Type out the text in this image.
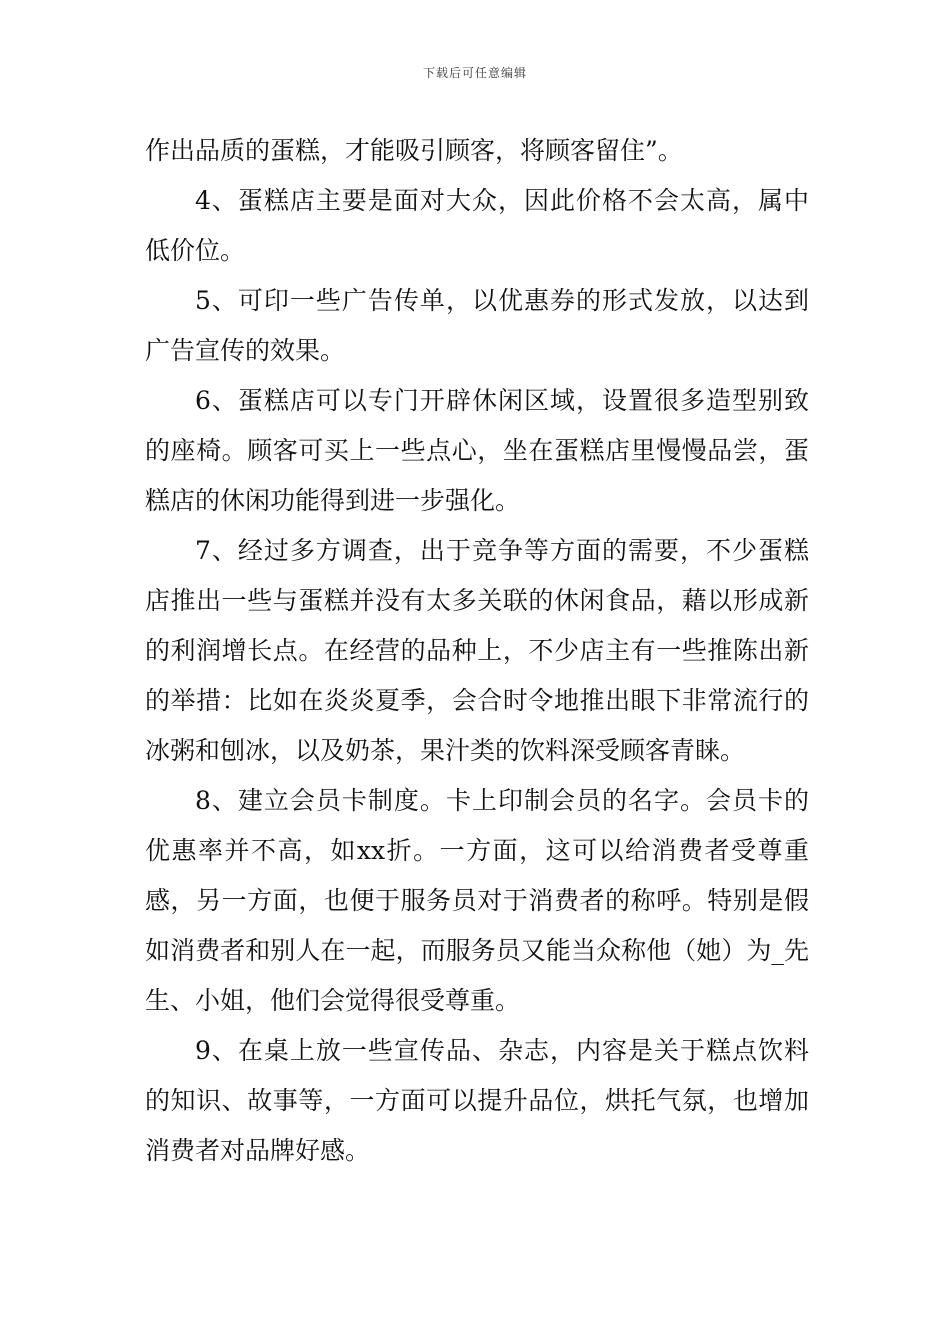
下载后可任意编辑

作出品质的蛋糕，才能吸引顾客，将顾客留住”。

4、蛋糕店主要是面对大众，因此价格不会太高，属中低价位。

5、可印一些广告传单，以优惠券的形式发放，以达到广告宣传的效果。

6、蛋糕店可以专门开辟休闲区域，设置很多造型别致的座椅。顾客可买上一些点心，坐在蛋糕店里慢慢品尝，蛋糕店的休闲功能得到进一步强化。

7、经过多方调查，出于竞争等方面的需要，不少蛋糕店推出一些与蛋糕并没有太多关联的休闲食品，藉以形成新的利润增长点。在经营的品种上，不少店主有一些推陈出新的举措：比如在炎炎夏季，会合时令地推出眼下非常流行的冰粥和刨冰，以及奶茶，果汁类的饮料深受顾客青睐。

8、建立会员卡制度。卡上印制会员的名字。会员卡的优惠率并不高，如xx折。一方面，这可以给消费者受尊重感，另一方面，也便于服务员对于消费者的称呼。特别是假如消费者和别人在一起，而服务员又能当众称他（她）为_先生、小姐，他们会觉得很受尊重。

9、在桌上放一些宣传品、杂志，内容是关于糕点饮料的知识、故事等，一方面可以提升品位，烘托气氛，也增加消费者对品牌好感。
